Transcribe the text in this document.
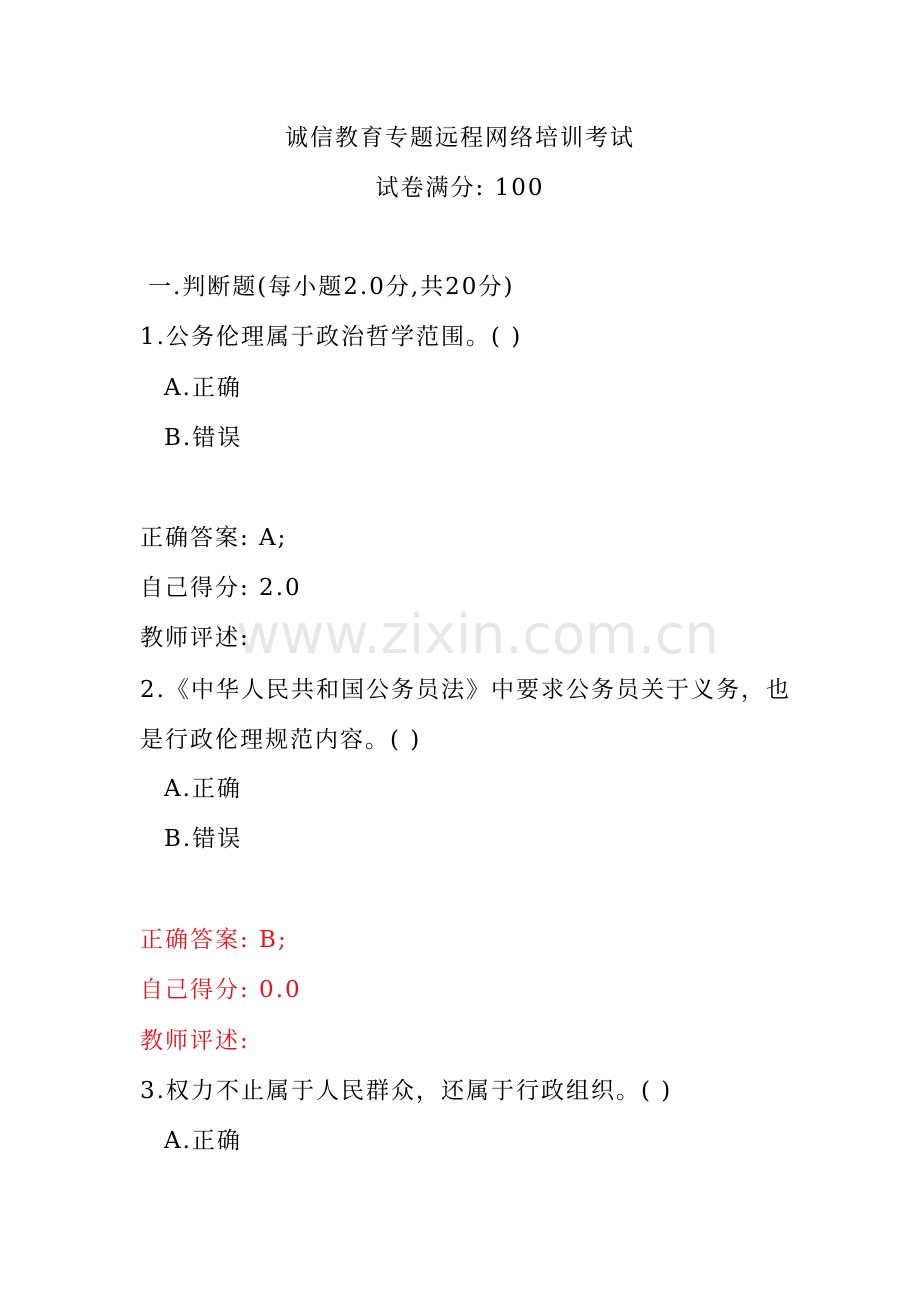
www.zixin.com.cn

诚信教育专题远程网络培训考试

试卷满分: 100

一.判断题(每小题2.0分,共20分)

1.公务伦理属于政治哲学范围。( )

A.正确

B.错误

正确答案: A;

自己得分: 2.0

教师评述:

2.《中华人民共和国公务员法》中要求公务员关于义务，也

是行政伦理规范内容。( )

A.正确

B.错误

正确答案: B;

自己得分: 0.0

教师评述:

3.权力不止属于人民群众，还属于行政组织。( )

A.正确
